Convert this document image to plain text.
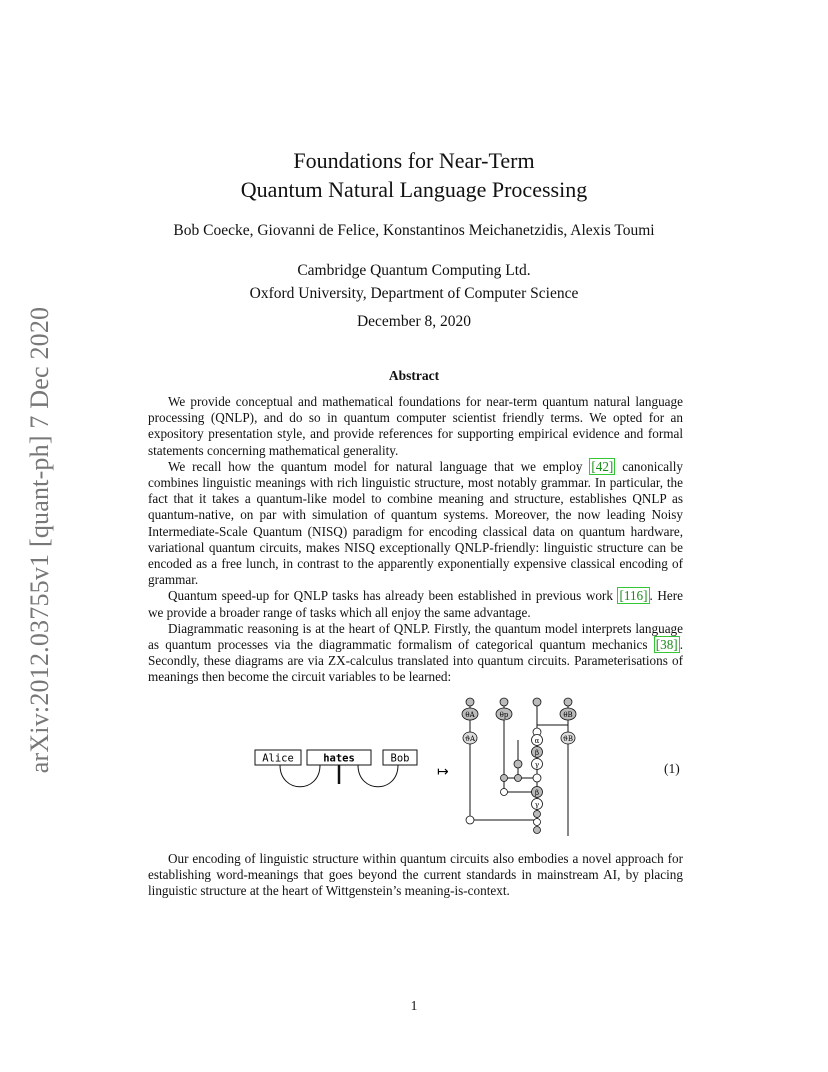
arXiv:2012.03755v1 [quant-ph] 7 Dec 2020
Foundations for Near-Term
Quantum Natural Language Processing
Bob Coecke, Giovanni de Felice, Konstantinos Meichanetzidis, Alexis Toumi
Cambridge Quantum Computing Ltd.
Oxford University, Department of Computer Science
December 8, 2020
Abstract

We provide conceptual and mathematical foundations for near-term quantum natural language processing (QNLP), and do so in quantum computer scientist friendly terms. We opted for an expository presentation style, and provide references for supporting empirical evidence and formal statements concerning mathematical generality.

We recall how the quantum model for natural language that we employ [42] canonically combines linguistic meanings with rich linguistic structure, most notably grammar. In particular, the fact that it takes a quantum-like model to combine meaning and structure, establishes QNLP as quantum-native, on par with simulation of quantum systems. Moreover, the now leading Noisy Intermediate-Scale Quantum (NISQ) paradigm for encoding classical data on quantum hardware, variational quantum circuits, makes NISQ exceptionally QNLP-friendly: linguistic structure can be encoded as a free lunch, in contrast to the apparently exponentially expensive classical encoding of grammar.

Quantum speed-up for QNLP tasks has already been established in previous work [116] . Here we provide a broader range of tasks which all enjoy the same advantage.

Diagrammatic reasoning is at the heart of QNLP. Firstly, the quantum model interprets language as quantum processes via the diagrammatic formalism of categorical quantum mechanics [38] . Secondly, these diagrams are via ZX-calculus translated into quantum circuits. Parameterisations of meanings then become the circuit variables to be learned:

Alice	hates	Bob
↦
θA	θp	θB
ϑA	ϑB
α
β
γ
β
γ
(1)

Our encoding of linguistic structure within quantum circuits also embodies a novel approach for establishing word-meanings that goes beyond the current standards in mainstream AI, by placing linguistic structure at the heart of Wittgenstein’s meaning-is-context.

1
